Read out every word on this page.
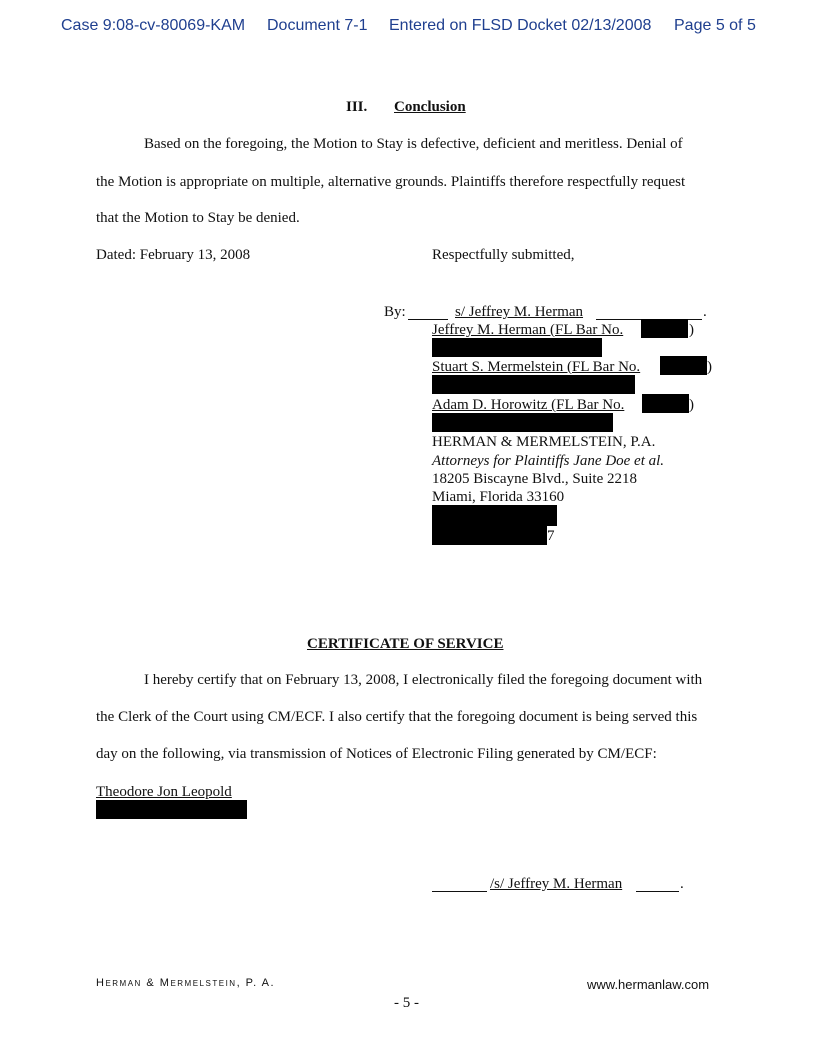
Case 9:08-cv-80069-KAM Document 7-1 Entered on FLSD Docket 02/13/2008 Page 5 of 5
III. Conclusion
Based on the foregoing, the Motion to Stay is defective, deficient and meritless. Denial of
the Motion is appropriate on multiple, alternative grounds. Plaintiffs therefore respectfully request
that the Motion to Stay be denied.
Dated: February 13, 2008	Respectfully submitted,
By:	s/ Jeffrey M. Herman	.
Jeffrey M. Herman (FL Bar No.	)
Stuart S. Mermelstein (FL Bar No.	)
Adam D. Horowitz (FL Bar No.	)
HERMAN & MERMELSTEIN, P.A.
Attorneys for Plaintiffs Jane Doe et al.
18205 Biscayne Blvd., Suite 2218
Miami, Florida 33160
7
CERTIFICATE OF SERVICE
I hereby certify that on February 13, 2008, I electronically filed the foregoing document with
the Clerk of the Court using CM/ECF. I also certify that the foregoing document is being served this
day on the following, via transmission of Notices of Electronic Filing generated by CM/ECF:
Theodore Jon Leopold
/s/ Jeffrey M. Herman	.
Herman & Mermelstein, P. A.	www.hermanlaw.com
- 5 -
